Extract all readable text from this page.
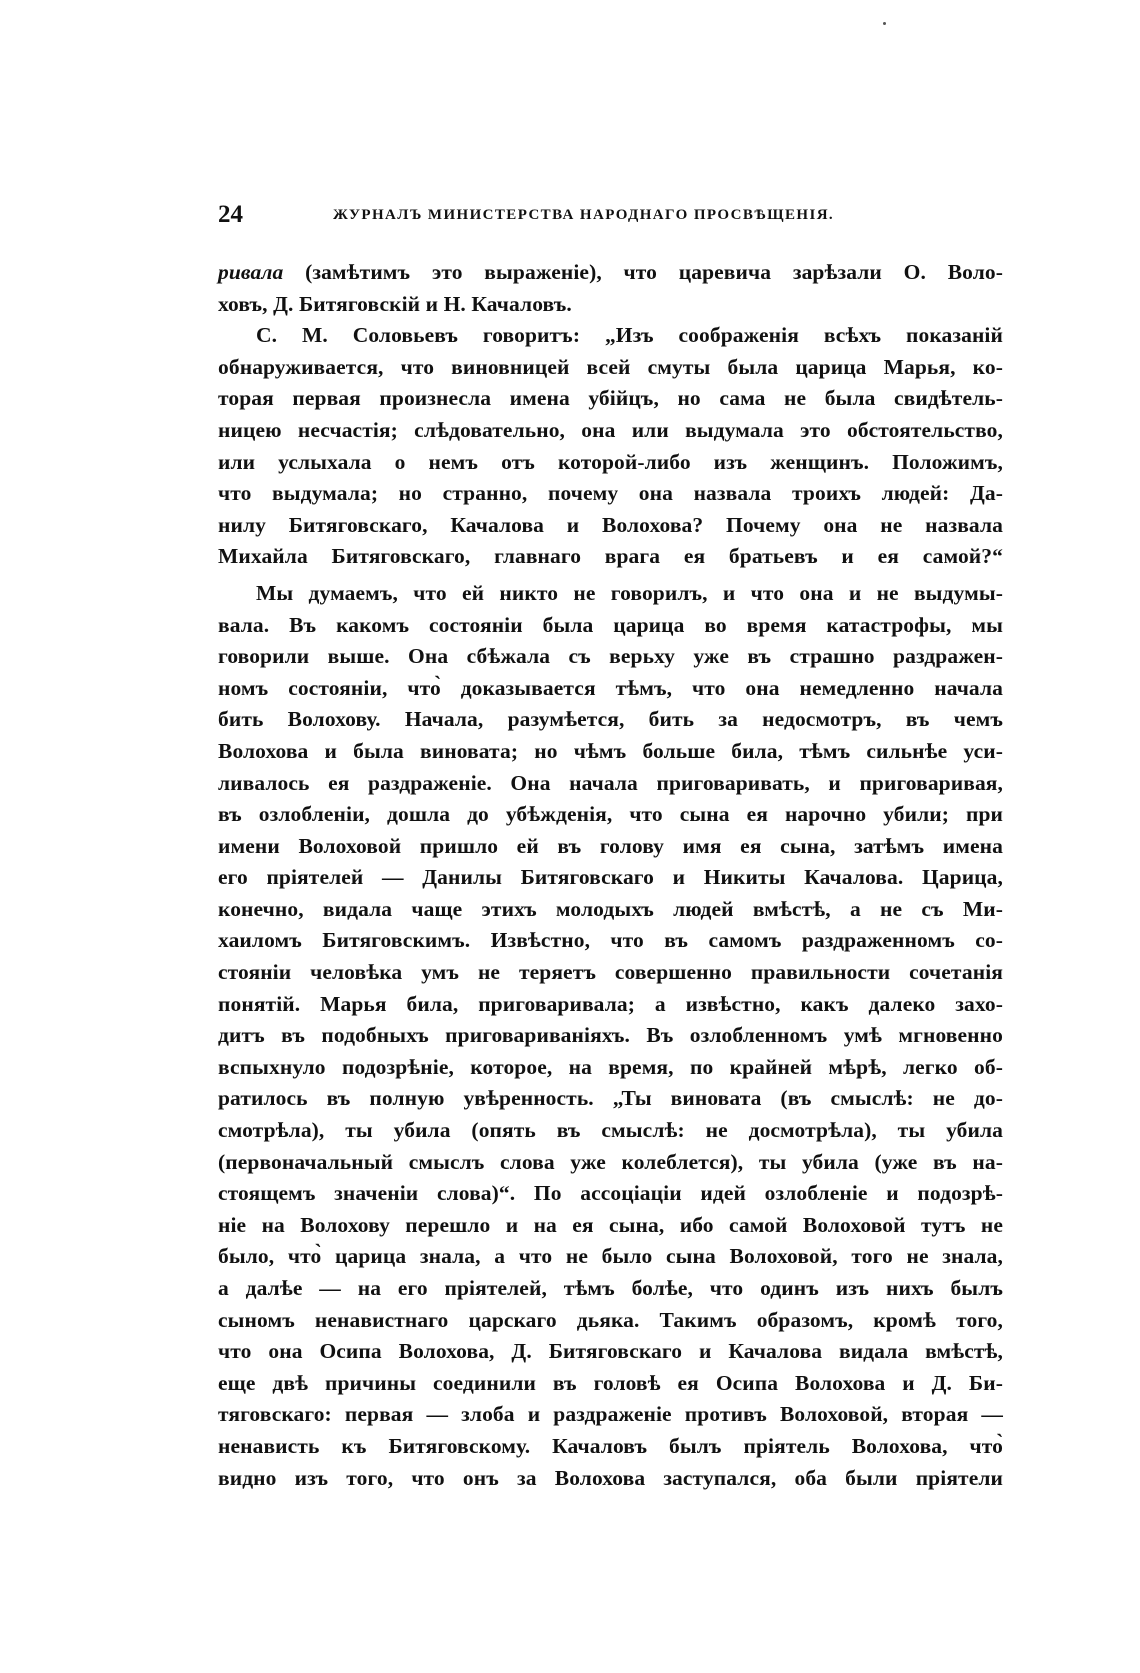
24	ЖУРНАЛЪ МИНИСТЕРСТВА НАРОДНАГО ПРОСВѢЩЕНІЯ.
ривала (замѣтимъ это выраженіе), что царевича зарѣзали О. Воло-
ховъ, Д. Битяговскій и Н. Качаловъ.
С. М. Соловьевъ говоритъ: „Изъ соображенія всѣхъ показаній
обнаруживается, что виновницей всей смуты была царица Марья, ко-
торая первая произнесла имена убійцъ, но сама не была свидѣтель-
ницею несчастія; слѣдовательно, она или выдумала это обстоятельство,
или услыхала о немъ отъ которой-либо изъ женщинъ. Положимъ,
что выдумала; но странно, почему она назвала троихъ людей: Да-
нилу Битяговскаго, Качалова и Волохова? Почему она не назвала
Михайла Битяговскаго, главнаго врага ея братьевъ и ея самой?“
Мы думаемъ, что ей никто не говорилъ, и что она и не выдумы-
вала. Въ какомъ состояніи была царица во время катастрофы, мы
говорили выше. Она сбѣжала съ верьху уже въ страшно раздражен-
номъ состояніи, что̀ доказывается тѣмъ, что она немедленно начала
бить Волохову. Начала, разумѣется, бить за недосмотръ, въ чемъ
Волохова и была виновата; но чѣмъ больше била, тѣмъ сильнѣе уси-
ливалось ея раздраженіе. Она начала приговаривать, и приговаривая,
въ озлобленіи, дошла до убѣжденія, что сына ея нарочно убили; при
имени Волоховой пришло ей въ голову имя ея сына, затѣмъ имена
его пріятелей — Данилы Битяговскаго и Никиты Качалова. Царица,
конечно, видала чаще этихъ молодыхъ людей вмѣстѣ, а не съ Ми-
хаиломъ Битяговскимъ. Извѣстно, что въ самомъ раздраженномъ со-
стояніи человѣка умъ не теряетъ совершенно правильности сочетанія
понятій. Марья била, приговаривала; а извѣстно, какъ далеко захо-
дитъ въ подобныхъ приговариваніяхъ. Въ озлобленномъ умѣ мгновенно
вспыхнуло подозрѣніе, которое, на время, по крайней мѣрѣ, легко об-
ратилось въ полную увѣренность. „Ты виновата (въ смыслѣ: не до-
смотрѣла), ты убила (опять въ смыслѣ: не досмотрѣла), ты убила
(первоначальный смыслъ слова уже колеблется), ты убила (уже въ на-
стоящемъ значеніи слова)“. По ассоціаціи идей озлобленіе и подозрѣ-
ніе на Волохову перешло и на ея сына, ибо самой Волоховой тутъ не
было, что̀ царица знала, а что не было сына Волоховой, того не знала,
а далѣе — на его пріятелей, тѣмъ болѣе, что одинъ изъ нихъ былъ
сыномъ ненавистнаго царскаго дьяка. Такимъ образомъ, кромѣ того,
что она Осипа Волохова, Д. Битяговскаго и Качалова видала вмѣстѣ,
еще двѣ причины соединили въ головѣ ея Осипа Волохова и Д. Би-
тяговскаго: первая — злоба и раздраженіе противъ Волоховой, вторая —
ненависть къ Битяговскому. Качаловъ былъ пріятель Волохова, что̀
видно изъ того, что онъ за Волохова заступался, оба были пріятели
